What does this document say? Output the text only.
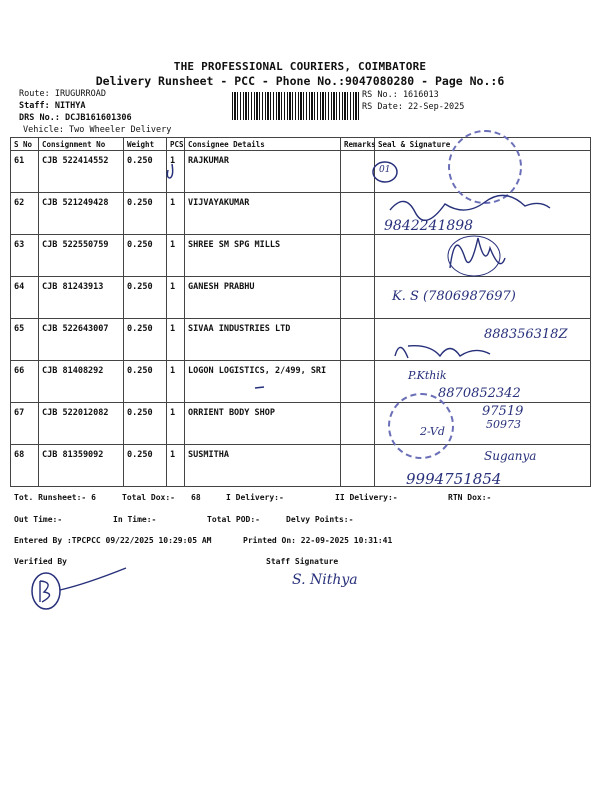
THE PROFESSIONAL COURIERS, COIMBATORE
Delivery Runsheet - PCC - Phone No.:9047080280 - Page No.:6
Route: IRUGURROAD
Staff: NITHYA
DRS No.: DCJB161601306
Vehicle: Two Wheeler Delivery
RS No.: 1616013
RS Date: 22-Sep-2025
S No	Consignment No	Weight	PCS	Consignee Details	Remarks	Seal & Signature
61	CJB 522414552	0.250	1	RAJKUMAR		
62	CJB 521249428	0.250	1	VIJVAYAKUMAR		
63	CJB 522550759	0.250	1	SHREE SM SPG MILLS		
64	CJB 81243913	0.250	1	GANESH PRABHU		
65	CJB 522643007	0.250	1	SIVAA INDUSTRIES LTD		
66	CJB 81408292	0.250	1	LOGON LOGISTICS, 2/499, SRI		
67	CJB 522012082	0.250	1	ORRIENT BODY SHOP		
68	CJB 81359092	0.250	1	SUSMITHA		
Tot. Runsheet:- 6	Total Dox:- 68	I Delivery:-	II Delivery:-	RTN Dox:-
Out Time:-	In Time:-	Total POD:-	Delvy Points:-
Entered By :TPCPCC 09/22/2025 10:29:05 AM	Printed On: 22-09-2025 10:31:41
Verified By	Staff Signature
01
9842241898
K. S (7806987697)
888356318Z
P.Kthik
8870852342
2-Vd
97519
50973
Suganya
9994751854
S. Nithya
